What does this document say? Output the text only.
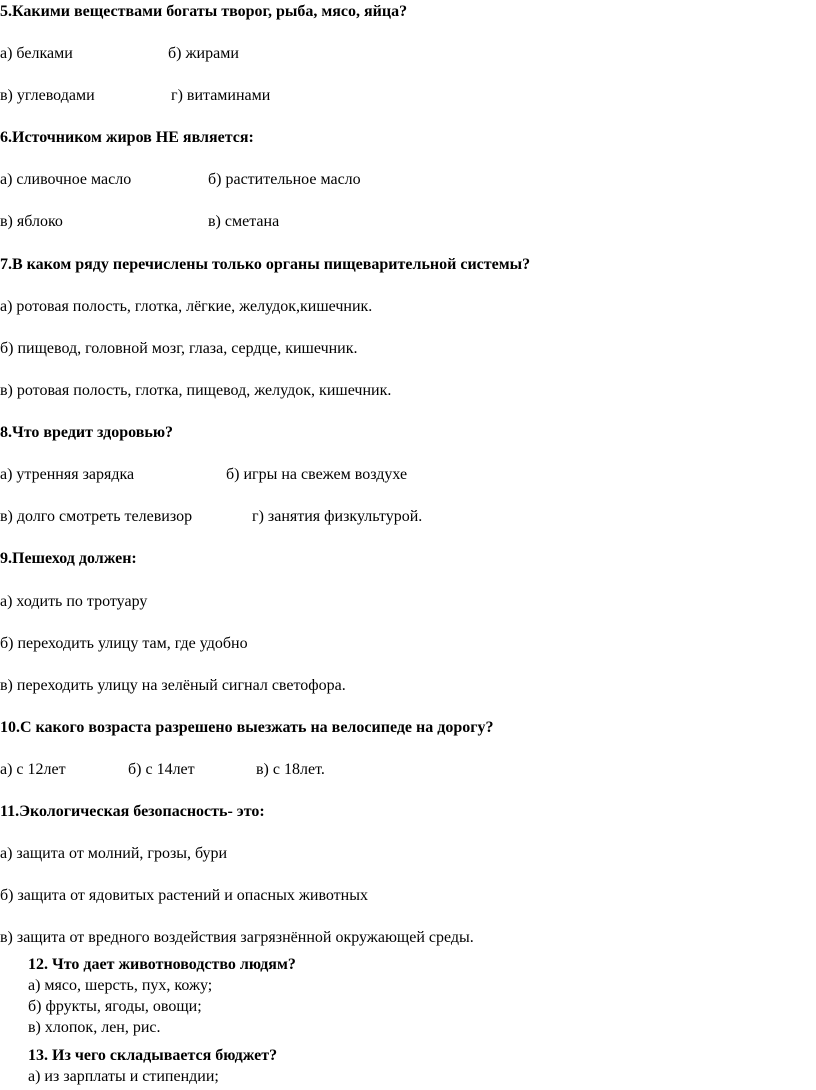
5.Какими веществами богаты творог, рыба, мясо, яйца?
а) белками	б) жирами
в) углеводами	г) витаминами
6.Источником жиров НЕ является:
а) сливочное масло	б) растительное масло
в) яблоко	в) сметана
7.В каком ряду перечислены только органы пищеварительной системы?
а) ротовая полость, глотка, лёгкие, желудок,кишечник.
б) пищевод, головной мозг, глаза, сердце, кишечник.
в) ротовая полость, глотка, пищевод, желудок, кишечник.
8.Что вредит здоровью?
а) утренняя зарядка	б) игры на свежем воздухе
в) долго смотреть телевизор	г) занятия физкультурой.
9.Пешеход должен:
а) ходить по тротуару
б) переходить улицу там, где удобно
в) переходить улицу на зелёный сигнал светофора.
10.С какого возраста разрешено выезжать на велосипеде на дорогу?
а) с 12лет	б) с 14лет	в) с 18лет.
11.Экологическая безопасность- это:
а) защита от молний, грозы, бури
б) защита от ядовитых растений и опасных животных
в) защита от вредного воздействия загрязнённой окружающей среды.
12. Что дает животноводство людям?
а) мясо, шерсть, пух, кожу;
б) фрукты, ягоды, овощи;
в) хлопок, лен, рис.
13. Из чего складывается бюджет?
а) из зарплаты и стипендии;
